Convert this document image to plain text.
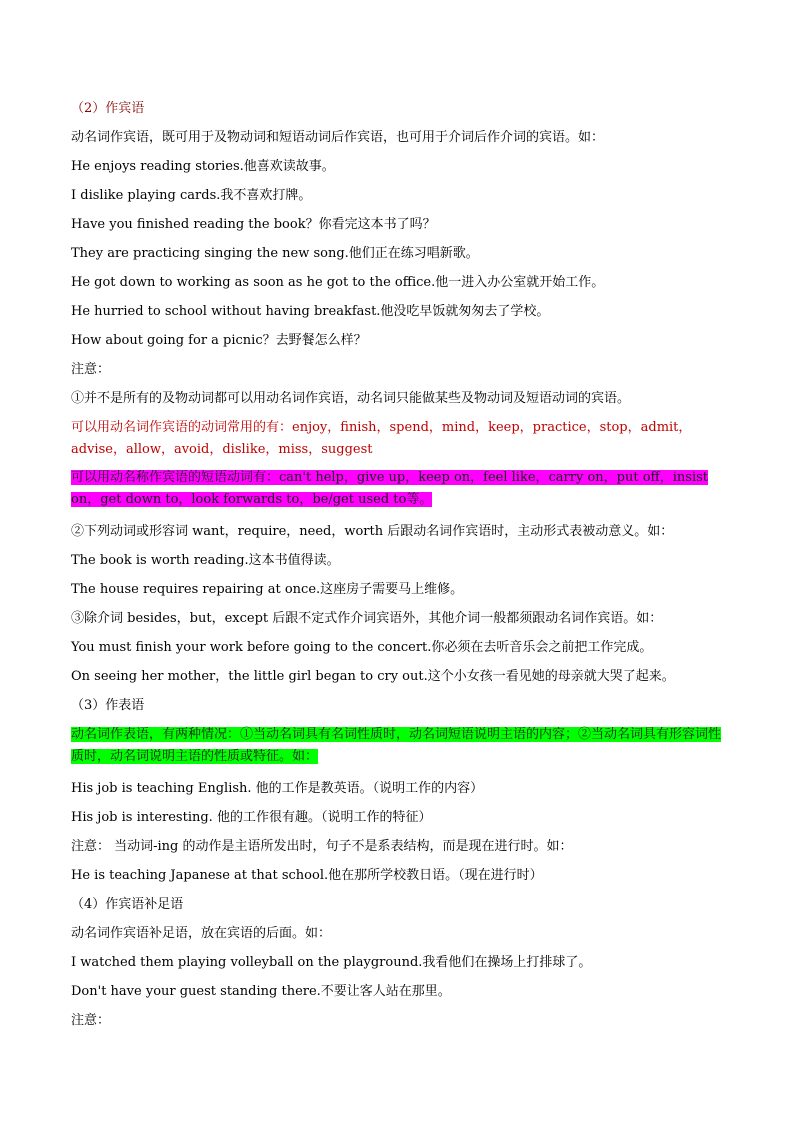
（2）作宾语
动名词作宾语，既可用于及物动词和短语动词后作宾语，也可用于介词后作介词的宾语。如：
He enjoys reading stories.他喜欢读故事。
I dislike playing cards.我不喜欢打牌。
Have you finished reading the book？你看完这本书了吗？
They are practicing singing the new song.他们正在练习唱新歌。
He got down to working as soon as he got to the office.他一进入办公室就开始工作。
He hurried to school without having breakfast.他没吃早饭就匆匆去了学校。
How about going for a picnic？去野餐怎么样？
注意：
①并不是所有的及物动词都可以用动名词作宾语，动名词只能做某些及物动词及短语动词的宾语。
可以用动名词作宾语的动词常用的有：enjoy，finish，spend，mind，keep，practice，stop，admit，advise，allow，avoid，dislike，miss，suggest
可以用动名称作宾语的短语动词有：can't help，give up，keep on，feel like，carry on，put off，insist on，get down to，look forwards to，be/get used to等。
②下列动词或形容词 want，require，need，worth 后跟动名词作宾语时，主动形式表被动意义。如：
The book is worth reading.这本书值得读。
The house requires repairing at once.这座房子需要马上维修。
③除介词 besides，but，except 后跟不定式作介词宾语外，其他介词一般都须跟动名词作宾语。如：
You must finish your work before going to the concert.你必须在去听音乐会之前把工作完成。
On seeing her mother，the little girl began to cry out.这个小女孩一看见她的母亲就大哭了起来。
（3）作表语
动名词作表语，有两种情况：①当动名词具有名词性质时，动名词短语说明主语的内容；②当动名词具有形容词性质时，动名词说明主语的性质或特征。如：
His job is teaching English. 他的工作是教英语。（说明工作的内容）
His job is interesting. 他的工作很有趣。（说明工作的特征）
注意： 当动词-ing 的动作是主语所发出时，句子不是系表结构，而是现在进行时。如：
He is teaching Japanese at that school.他在那所学校教日语。（现在进行时）
（4）作宾语补足语
动名词作宾语补足语，放在宾语的后面。如：
I watched them playing volleyball on the playground.我看他们在操场上打排球了。
Don't have your guest standing there.不要让客人站在那里。
注意：
